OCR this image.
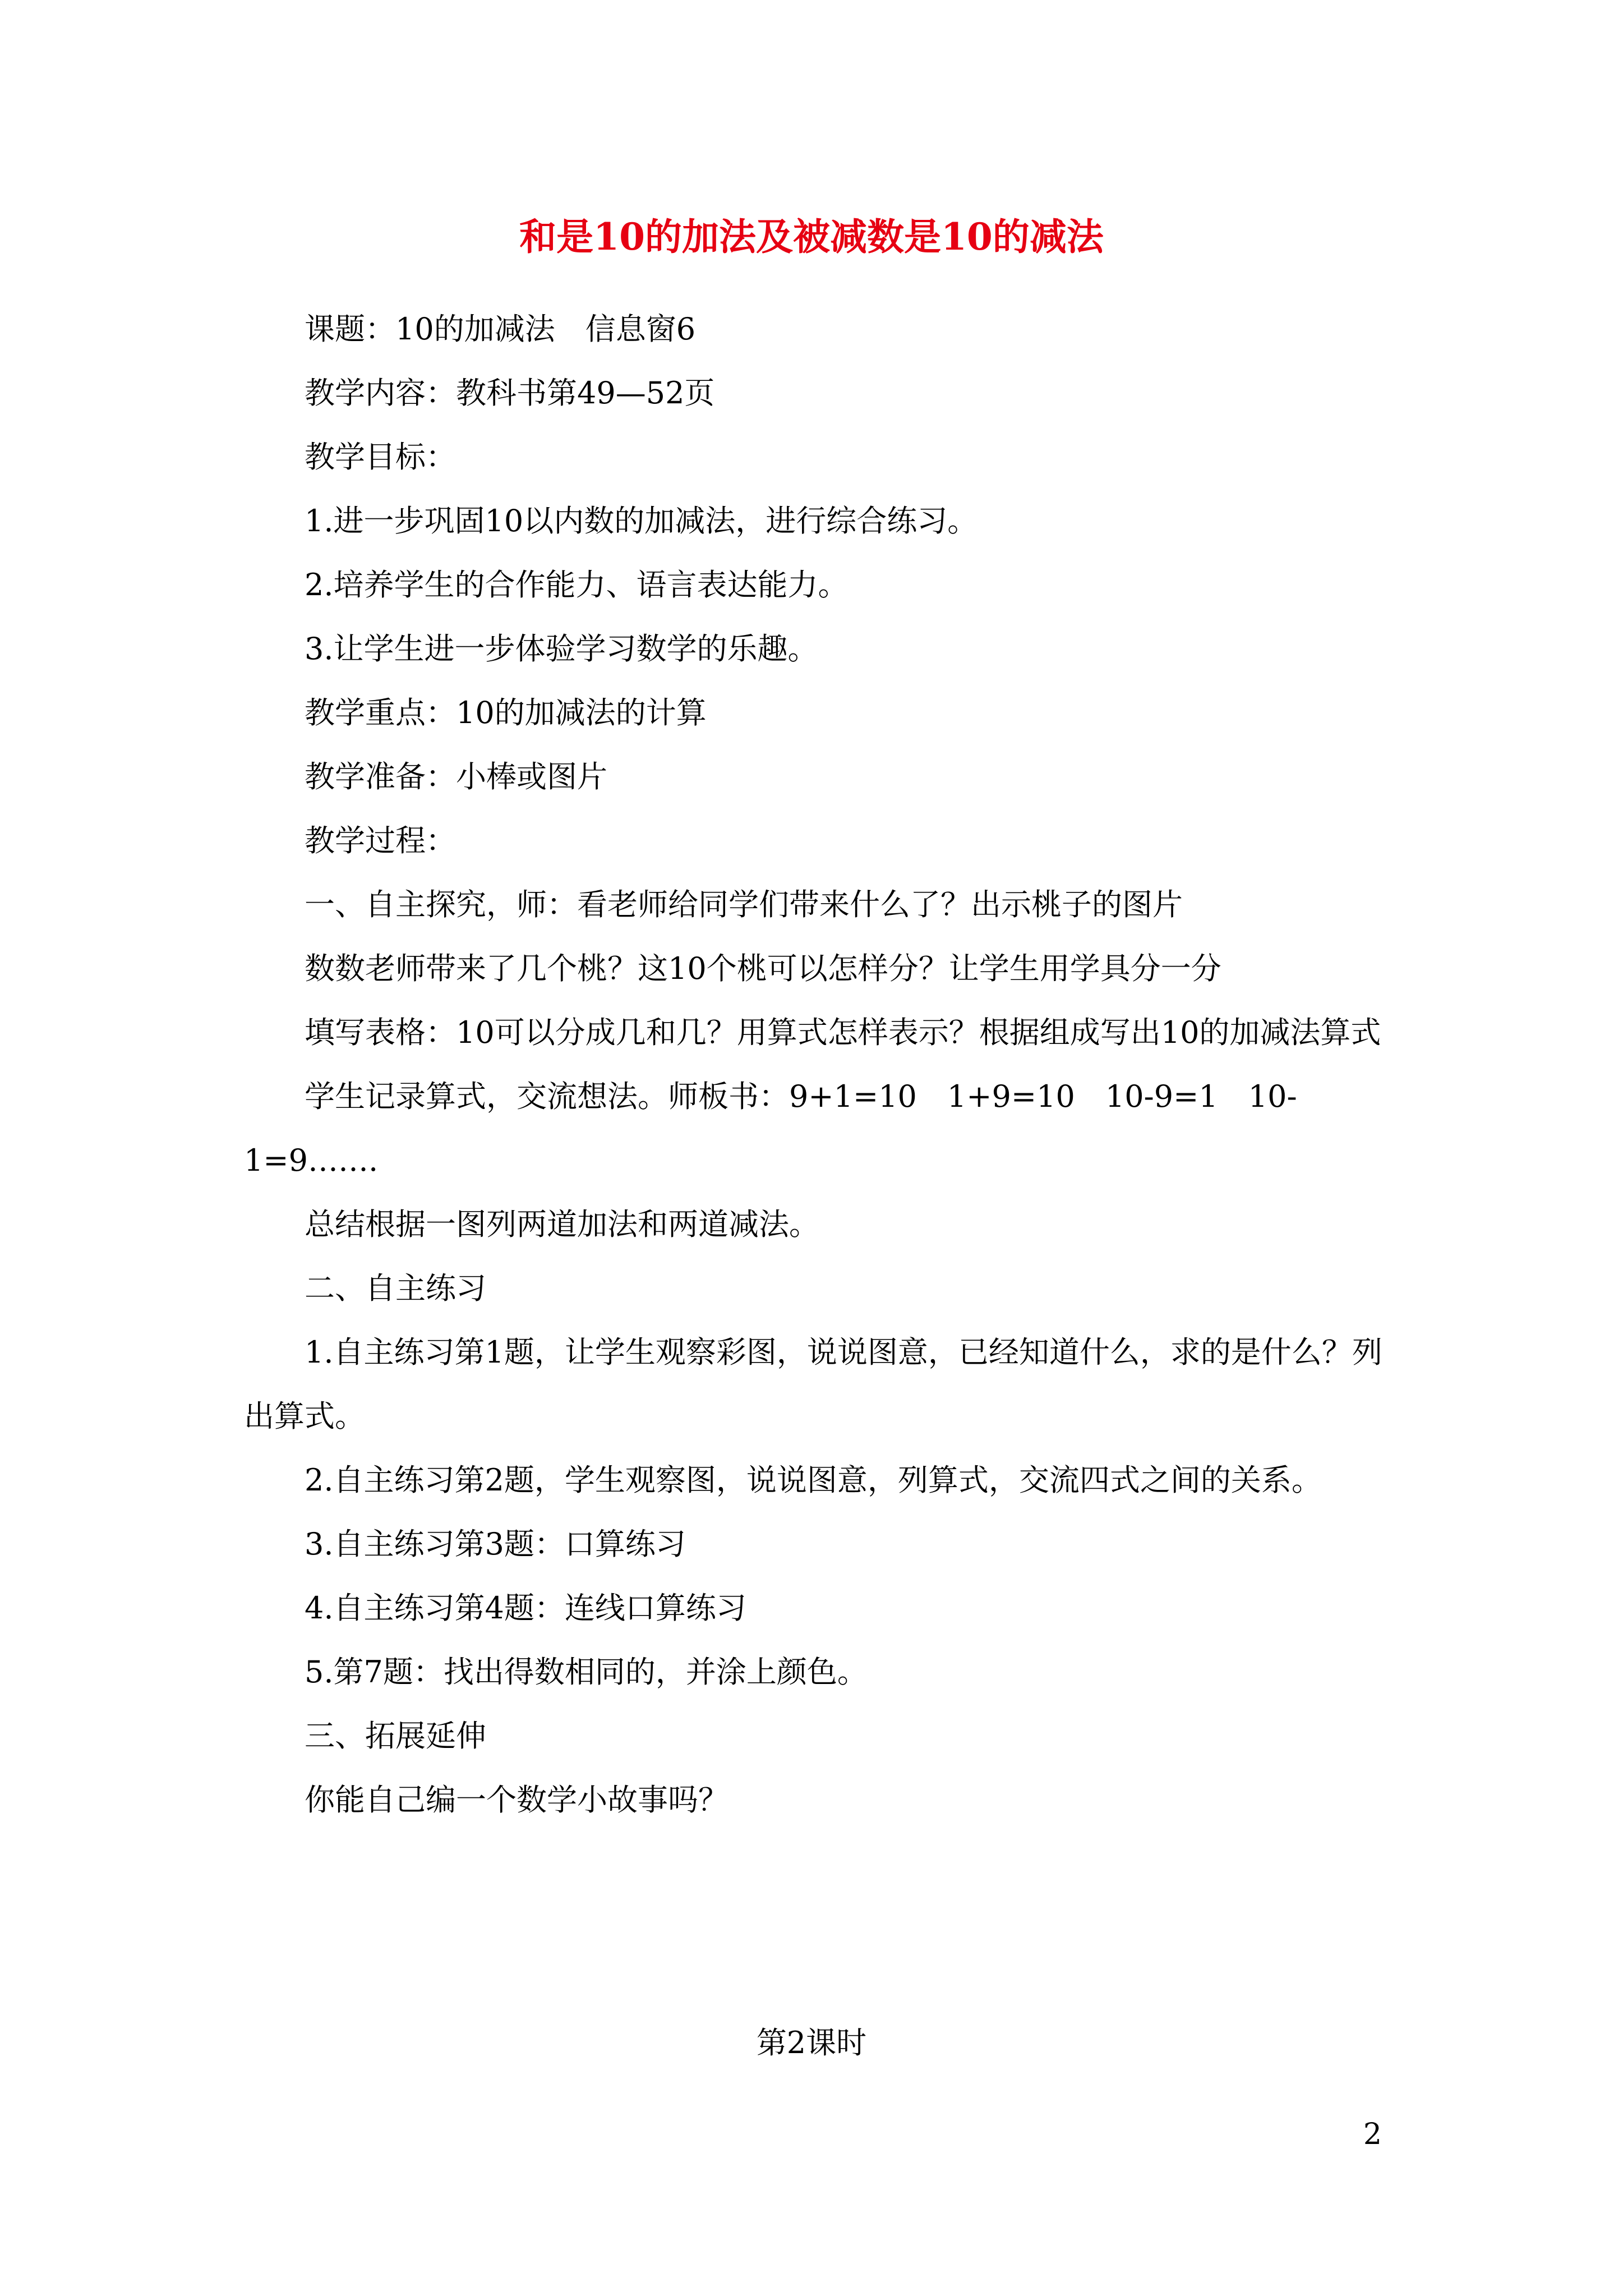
和是10的加法及被减数是10的减法

课题：10的加减法　信息窗6

教学内容：教科书第49—52页

教学目标：

1.进一步巩固10以内数的加减法，进行综合练习。

2.培养学生的合作能力、语言表达能力。

3.让学生进一步体验学习数学的乐趣。

教学重点：10的加减法的计算

教学准备：小棒或图片

教学过程：

一、自主探究，师：看老师给同学们带来什么了？出示桃子的图片

数数老师带来了几个桃？这10个桃可以怎样分？让学生用学具分一分

填写表格：10可以分成几和几？用算式怎样表示？根据组成写出10的加减法算式

学生记录算式，交流想法。师板书：9+1=10　1+9=10　10-9=1　10-1=9…….

总结根据一图列两道加法和两道减法。

二、自主练习

1.自主练习第1题，让学生观察彩图，说说图意，已经知道什么，求的是什么？列出算式。

2.自主练习第2题，学生观察图，说说图意，列算式，交流四式之间的关系。

3.自主练习第3题：口算练习

4.自主练习第4题：连线口算练习

5.第7题：找出得数相同的，并涂上颜色。

三、拓展延伸

你能自己编一个数学小故事吗？

第2课时

2
